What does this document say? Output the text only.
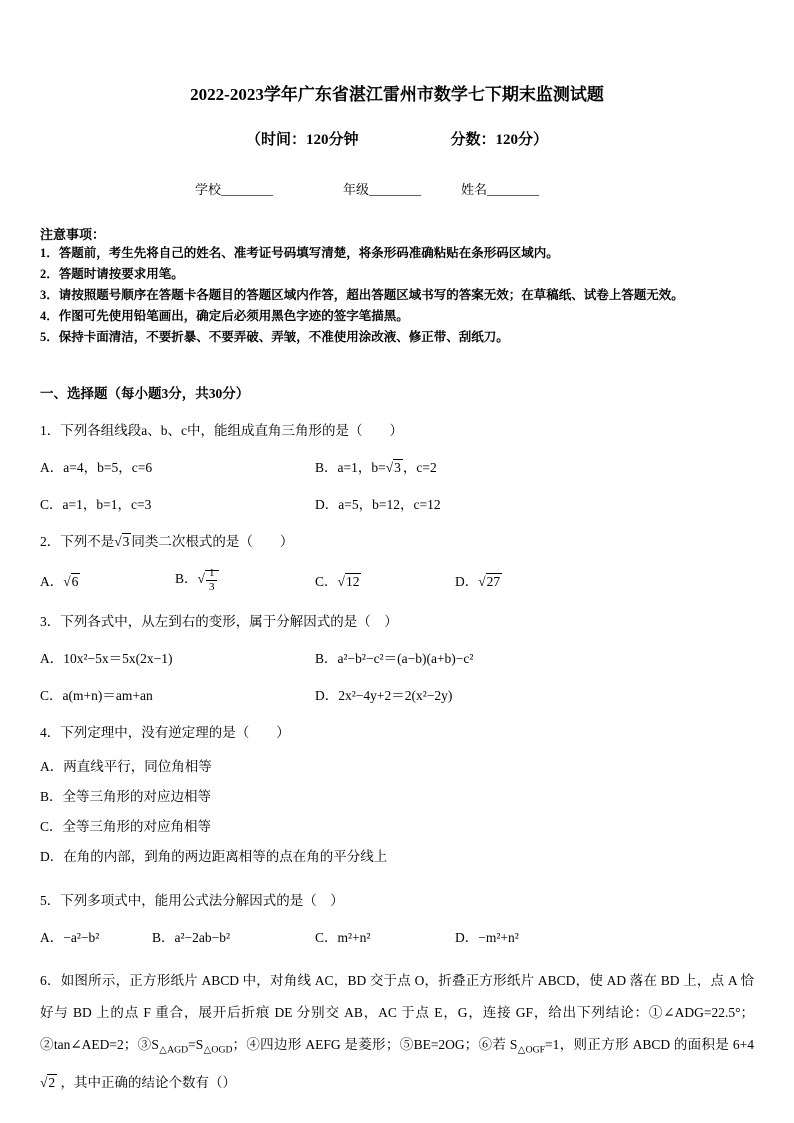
2022-2023学年广东省湛江雷州市数学七下期末监测试题
（时间：120分钟	分数：120分）
学校________	年级________	姓名________
注意事项：
1．答题前，考生先将自己的姓名、准考证号码填写清楚，将条形码准确粘贴在条形码区域内。
2．答题时请按要求用笔。
3．请按照题号顺序在答题卡各题目的答题区域内作答，超出答题区域书写的答案无效；在草稿纸、试卷上答题无效。
4．作图可先使用铅笔画出，确定后必须用黑色字迹的签字笔描黑。
5．保持卡面清洁，不要折暴、不要弄破、弄皱，不准使用涂改液、修正带、刮纸刀。
一、选择题（每小题3分，共30分）

1．下列各组线段a、b、c中，能组成直角三角形的是（　　）

A．a=4，b=5，c=6	B．a=1，b=√3 ，c=2
C．a=1，b=1，c=3	D．a=5，b=12，c=12

2．下列不是√3 同类二次根式的是（　　）

A．√6	B．√ $\frac{1}{3}$	C．√12	D．√27

3．下列各式中，从左到右的变形，属于分解因式的是（　）

A．10x²−5x＝5x(2x−1)	B．a²−b²−c²＝(a−b)(a+b)−c²
C．a(m+n)＝am+an	D．2x²−4y+2＝2(x²−2y)

4．下列定理中，没有逆定理的是（　　）

A．两直线平行，同位角相等
B．全等三角形的对应边相等
C．全等三角形的对应角相等
D．在角的内部，到角的两边距离相等的点在角的平分线上

5．下列多项式中，能用公式法分解因式的是（　）

A．−a²−b²	B．a²−2ab−b²	C．m²+n²	D．−m²+n²

6．如图所示，正方形纸片 ABCD 中，对角线 AC，BD 交于点 O，折叠正方形纸片 ABCD，使 AD 落在 BD 上，点 A 恰好与 BD 上的点 F 重合，展开后折痕 DE 分别交 AB，AC 于点 E，G，连接 GF，给出下列结论：①∠ADG=22.5°；②tan∠AED=2；$③S_{\triangle AGD}=S_{\triangle OGD}$；④四边形 AEFG 是菱形；⑤BE=2OG；⑥若 $S_{\triangle OGF}=1$，则正方形 ABCD 的面积是 6+4√2 ，其中正确的结论个数有（）
